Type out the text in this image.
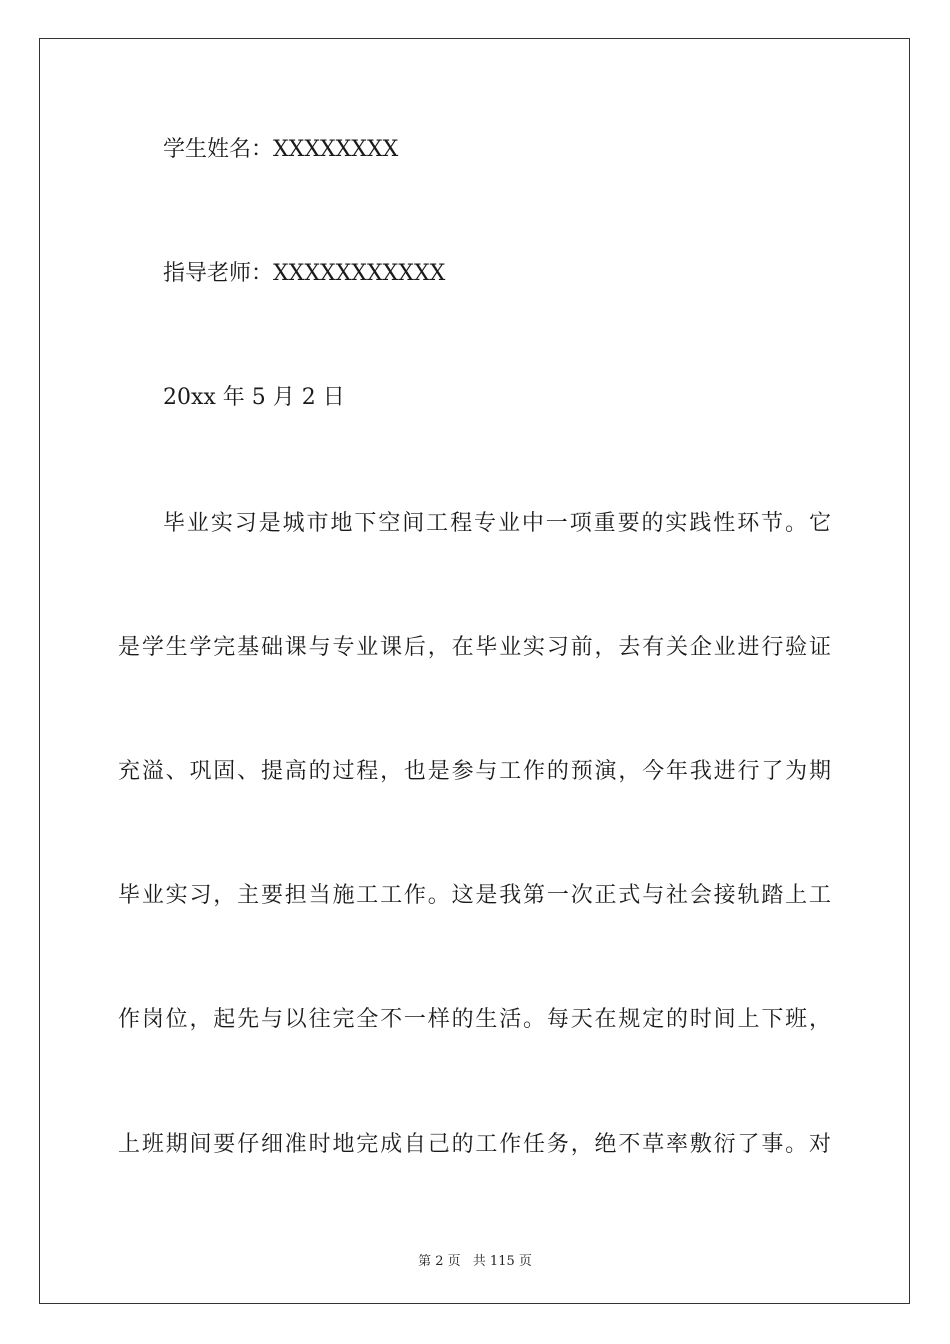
学生姓名：XXXXXXXX
指导老师：XXXXXXXXXXX
20xx 年 5 月 2 日
毕业实习是城市地下空间工程专业中一项重要的实践性环节。它
是学生学完基础课与专业课后，在毕业实习前，去有关企业进行验证
充溢、巩固、提高的过程，也是参与工作的预演，今年我进行了为期
毕业实习，主要担当施工工作。这是我第一次正式与社会接轨踏上工
作岗位，起先与以往完全不一样的生活。每天在规定的时间上下班，
上班期间要仔细准时地完成自己的工作任务，绝不草率敷衍了事。对
第 2 页 共 115 页
